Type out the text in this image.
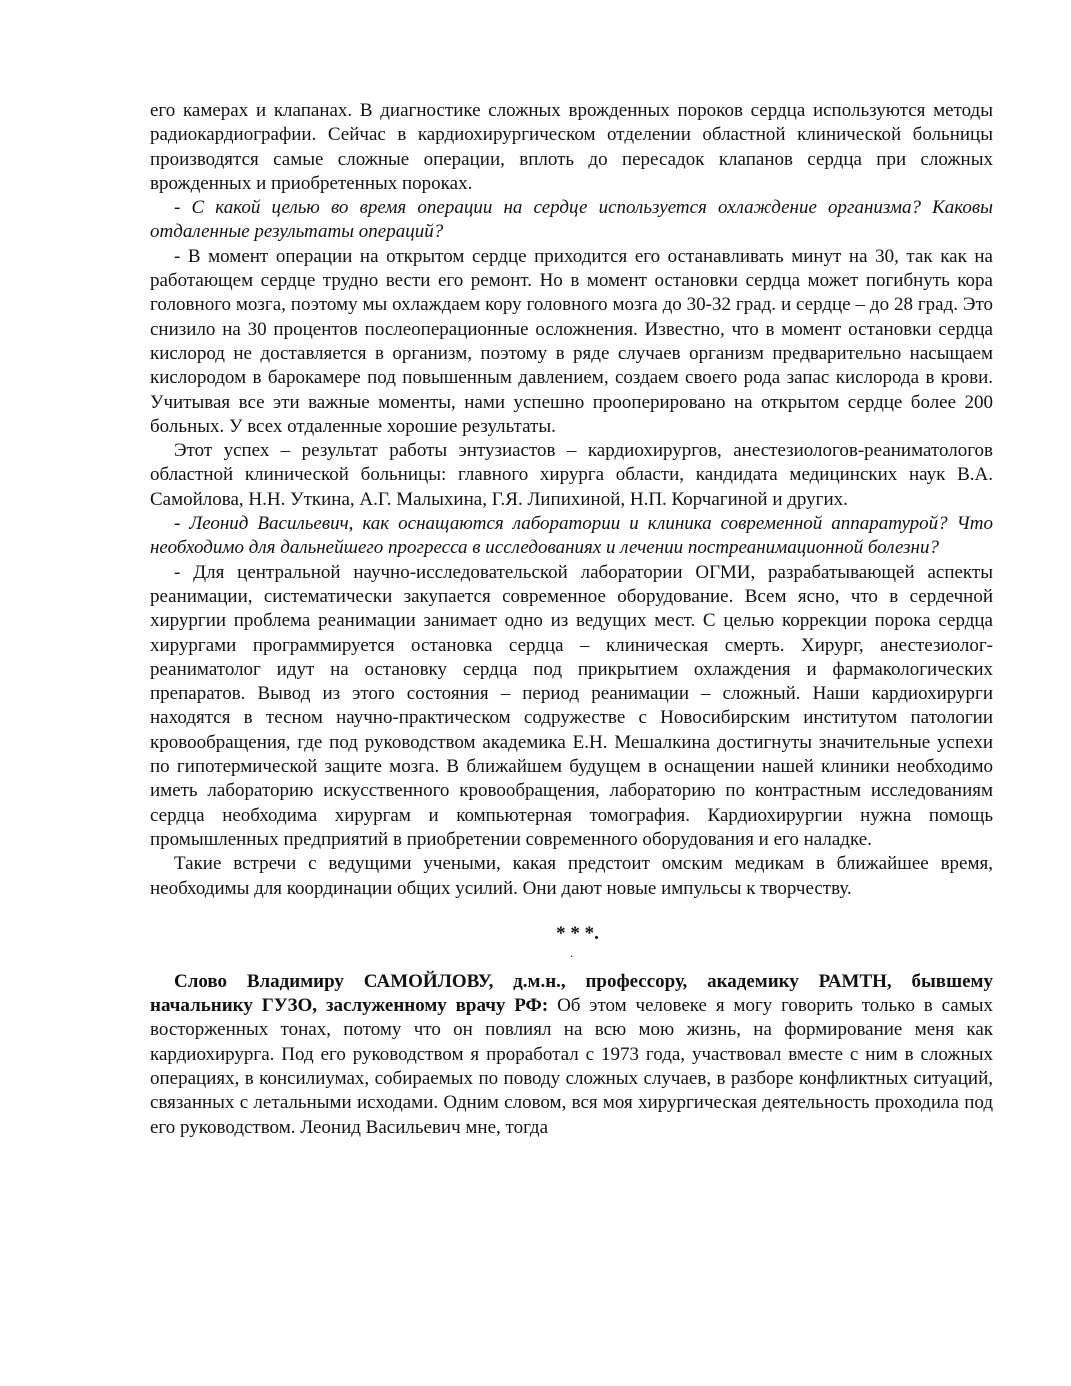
его камерах и клапанах. В диагностике сложных врожденных пороков сердца используются методы радиокардиографии. Сейчас в кардиохирургическом отделении областной клинической больницы производятся самые сложные операции, вплоть до пересадок клапанов сердца при сложных врожденных и приобретенных пороках.

- С какой целью во время операции на сердце используется охлаждение организма? Каковы отдаленные результаты операций?

- В момент операции на открытом сердце приходится его останавливать минут на 30, так как на работающем сердце трудно вести его ремонт. Но в момент остановки сердца может погибнуть кора головного мозга, поэтому мы охлаждаем кору головного мозга до 30-32 град. и сердце – до 28 град. Это снизило на 30 процентов послеоперационные осложнения. Известно, что в момент остановки сердца кислород не доставляется в организм, поэтому в ряде случаев организм предварительно насыщаем кислородом в барокамере под повышенным давлением, создаем своего рода запас кислорода в крови. Учитывая все эти важные моменты, нами успешно прооперировано на открытом сердце более 200 больных. У всех отдаленные хорошие результаты.

Этот успех – результат работы энтузиастов – кардиохирургов, анестезиологов-реаниматологов областной клинической больницы: главного хирурга области, кандидата медицинских наук В.А. Самойлова, Н.Н. Уткина, А.Г. Малыхина, Г.Я. Липихиной, Н.П. Корчагиной и других.

- Леонид Васильевич, как оснащаются лаборатории и клиника современной аппаратурой? Что необходимо для дальнейшего прогресса в исследованиях и лечении постреанимационной болезни?

- Для центральной научно-исследовательской лаборатории ОГМИ, разрабатывающей аспекты реанимации, систематически закупается современное оборудование. Всем ясно, что в сердечной хирургии проблема реанимации занимает одно из ведущих мест. С целью коррекции порока сердца хирургами программируется остановка сердца – клиническая смерть. Хирург, анестезиолог-реаниматолог идут на остановку сердца под прикрытием охлаждения и фармакологических препаратов. Вывод из этого состояния – период реанимации – сложный. Наши кардиохирурги находятся в тесном научно-практическом содружестве с Новосибирским институтом патологии кровообращения, где под руководством академика Е.Н. Мешалкина достигнуты значительные успехи по гипотермической защите мозга. В ближайшем будущем в оснащении нашей клиники необходимо иметь лабораторию искусственного кровообращения, лабораторию по контрастным исследованиям сердца необходима хирургам и компьютерная томография. Кардиохирургии нужна помощь промышленных предприятий в приобретении современного оборудования и его наладке.

Такие встречи с ведущими учеными, какая предстоит омским медикам в ближайшее время, необходимы для координации общих усилий. Они дают новые импульсы к творчеству.

* * *.

.

Слово Владимиру САМОЙЛОВУ, д.м.н., профессору, академику РАМТН, бывшему начальнику ГУЗО, заслуженному врачу РФ: Об этом человеке я могу говорить только в самых восторженных тонах, потому что он повлиял на всю мою жизнь, на формирование меня как кардиохирурга. Под его руководством я проработал с 1973 года, участвовал вместе с ним в сложных операциях, в консилиумах, собираемых по поводу сложных случаев, в разборе конфликтных ситуаций, связанных с летальными исходами. Одним словом, вся моя хирургическая деятельность проходила под его руководством. Леонид Васильевич мне, тогда
